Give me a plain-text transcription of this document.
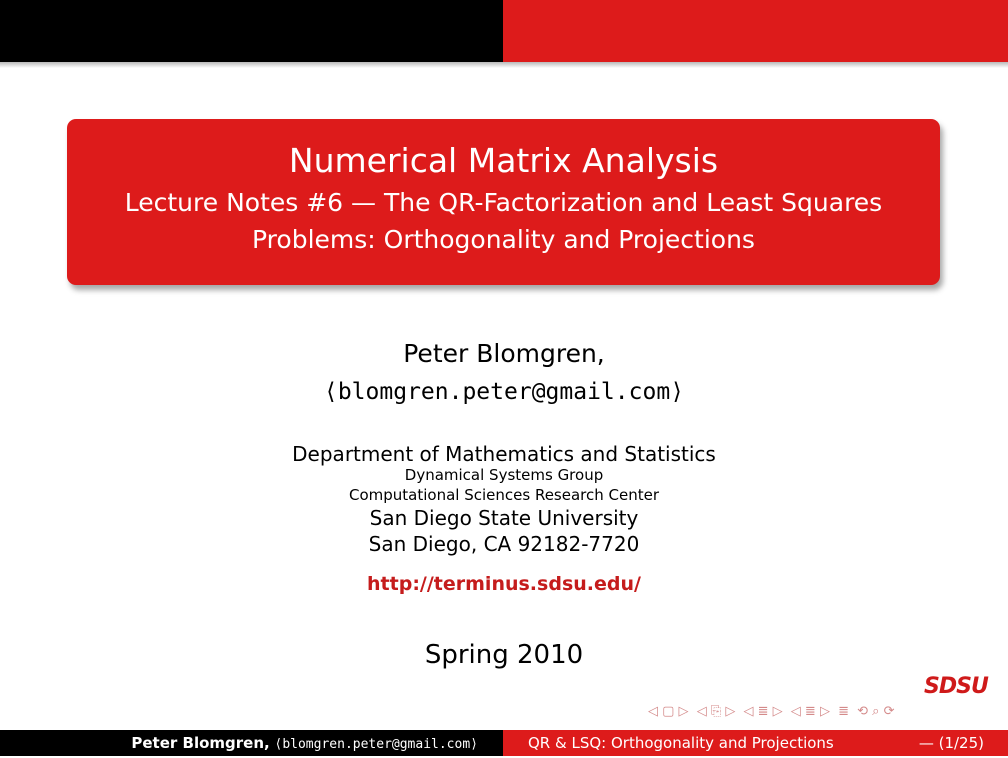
Numerical Matrix Analysis
Lecture Notes #6 — The QR-Factorization and Least Squares
Problems: Orthogonality and Projections
Peter Blomgren,
⟨blomgren.peter@gmail.com⟩
Department of Mathematics and Statistics
Dynamical Systems Group
Computational Sciences Research Center
San Diego State University
San Diego, CA 92182-7720
http://terminus.sdsu.edu/
Spring 2010
SDSU
◁ ▢ ▷ ◁ ⎘ ▷ ◁ ≣ ▷ ◁ ≣ ▷ ≣ ⟲ ⌕ ⟳
Peter Blomgren, ⟨blomgren.peter@gmail.com⟩	QR & LSQ: Orthogonality and Projections	— (1/25)
